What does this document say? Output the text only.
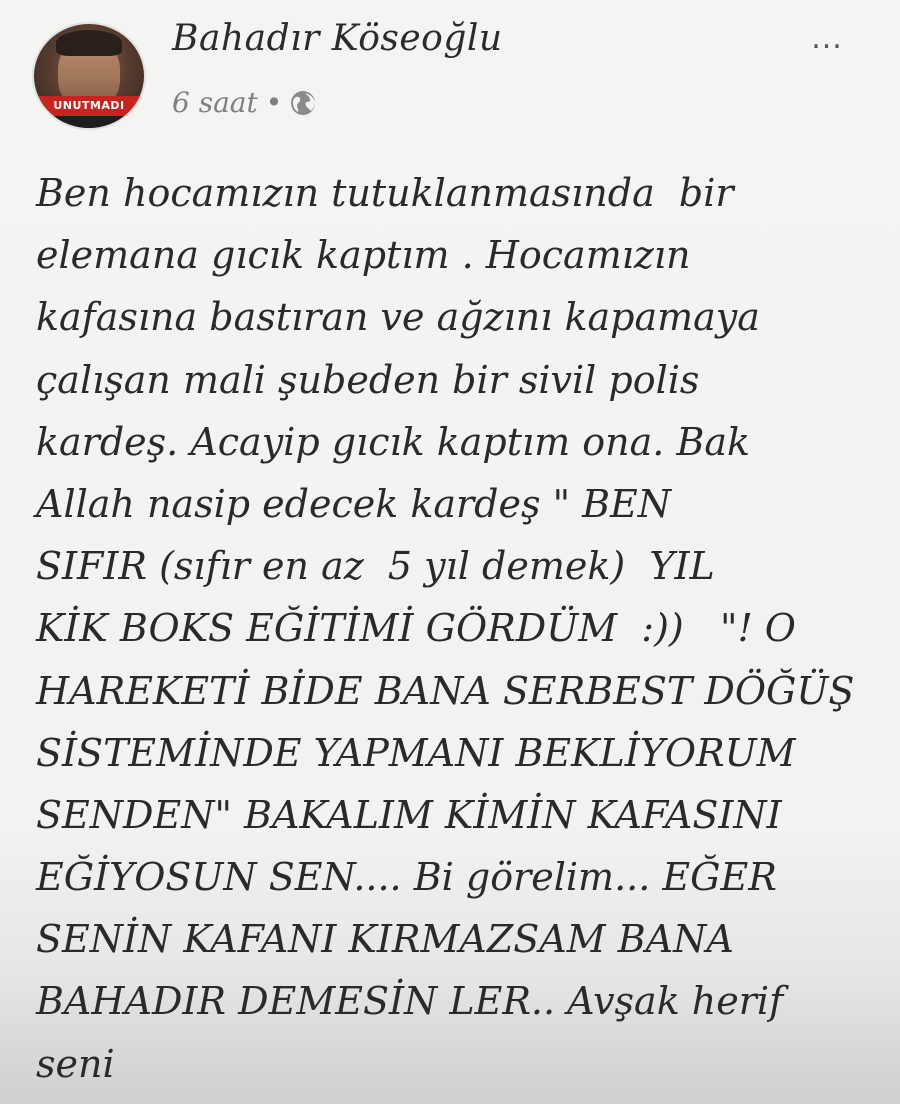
UNUTMADI
Bahadır Köseoğlu
6 saat •
...
Ben hocamızın tutuklanmasında  bir
elemana gıcık kaptım . Hocamızın
kafasına bastıran ve ağzını kapamaya
çalışan mali şubeden bir sivil polis
kardeş. Acayip gıcık kaptım ona. Bak
Allah nasip edecek kardeş " BEN
SIFIR (sıfır en az  5 yıl demek)  YIL
KİK BOKS EĞİTİMİ GÖRDÜM  :))   "! O
HAREKETİ BİDE BANA SERBEST DÖĞÜŞ
SİSTEMİNDE YAPMANI BEKLİYORUM
SENDEN" BAKALIM KİMİN KAFASINI
EĞİYOSUN SEN.... Bi görelim... EĞER
SENİN KAFANI KIRMAZSAM BANA
BAHADIR DEMESİN LER.. Avşak herif
seni
